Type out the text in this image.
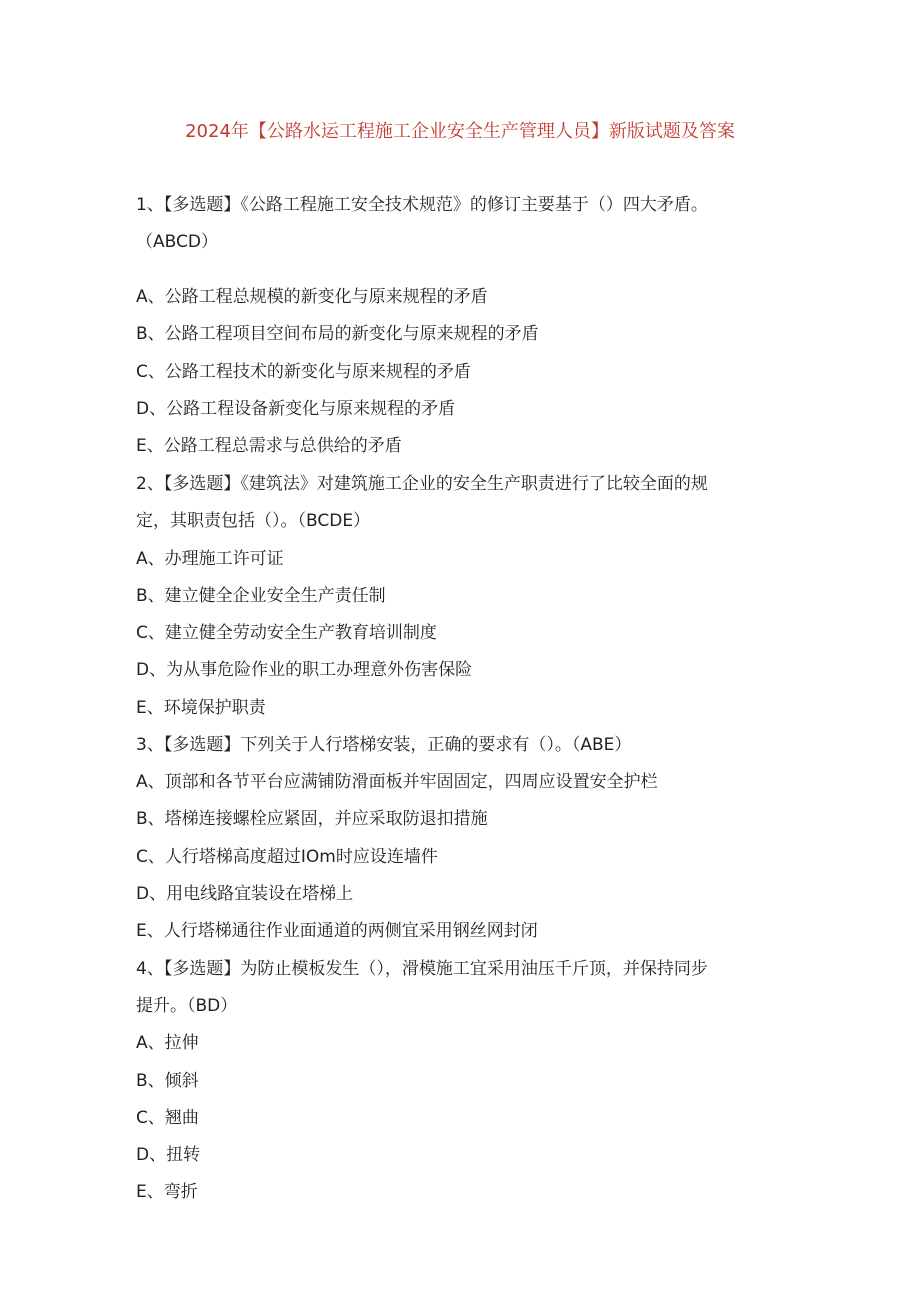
2024年【公路水运工程施工企业安全生产管理人员】新版试题及答案
1、【多选题】《公路工程施工安全技术规范》的修订主要基于（）四大矛盾。
（ABCD）
A、公路工程总规模的新变化与原来规程的矛盾
B、公路工程项目空间布局的新变化与原来规程的矛盾
C、公路工程技术的新变化与原来规程的矛盾
D、公路工程设备新变化与原来规程的矛盾
E、公路工程总需求与总供给的矛盾
2、【多选题】《建筑法》对建筑施工企业的安全生产职责进行了比较全面的规
定，其职责包括（）。（BCDE）
A、办理施工许可证
B、建立健全企业安全生产责任制
C、建立健全劳动安全生产教育培训制度
D、为从事危险作业的职工办理意外伤害保险
E、环境保护职责
3、【多选题】下列关于人行塔梯安装，正确的要求有（）。（ABE）
A、顶部和各节平台应满铺防滑面板并牢固固定，四周应设置安全护栏
B、塔梯连接螺栓应紧固，并应采取防退扣措施
C、人行塔梯高度超过IOm时应设连墙件
D、用电线路宜装设在塔梯上
E、人行塔梯通往作业面通道的两侧宜采用钢丝网封闭
4、【多选题】为防止模板发生（），滑模施工宜采用油压千斤顶，并保持同步
提升。（BD）
A、拉伸
B、倾斜
C、翘曲
D、扭转
E、弯折
